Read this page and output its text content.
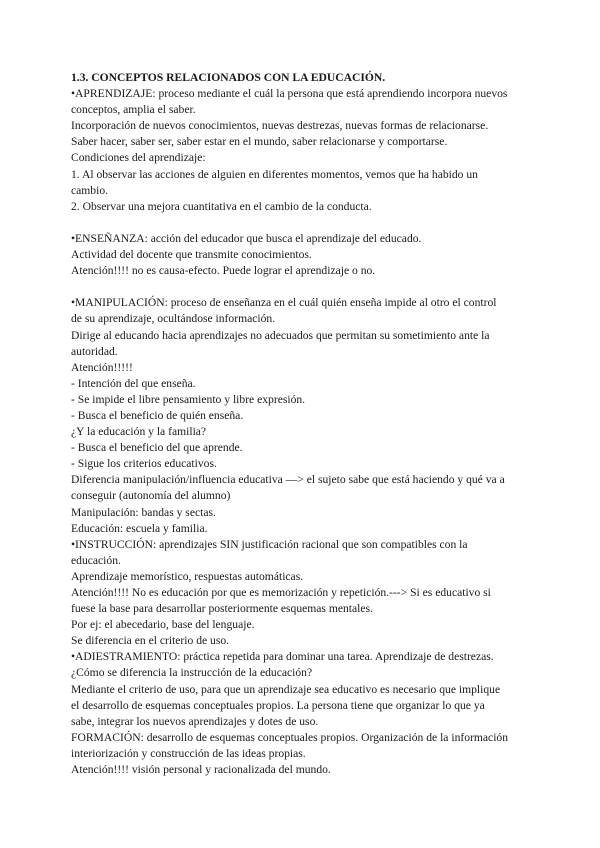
1.3. CONCEPTOS RELACIONADOS CON LA EDUCACIÓN.
•APRENDIZAJE: proceso mediante el cuál la persona que está aprendiendo incorpora nuevos
conceptos, amplia el saber.
Incorporación de nuevos conocimientos, nuevas destrezas, nuevas formas de relacionarse.
Saber hacer, saber ser, saber estar en el mundo, saber relacionarse y comportarse.
Condiciones del aprendizaje:
1. Al observar las acciones de alguien en diferentes momentos, vemos que ha habido un
cambio.
2. Observar una mejora cuantitativa en el cambio de la conducta.
•ENSEÑANZA: acción del educador que busca el aprendizaje del educado.
Actividad del docente que transmite conocimientos.
Atención!!!! no es causa-efecto. Puede lograr el aprendizaje o no.
•MANIPULACIÓN: proceso de enseñanza en el cuál quién enseña impide al otro el control
de su aprendizaje, ocultándose información.
Dirige al educando hacia aprendizajes no adecuados que permitan su sometimiento ante la
autoridad.
Atención!!!!!
- Intención del que enseña.
- Se impide el libre pensamiento y libre expresión.
- Busca el beneficio de quién enseña.
¿Y la educación y la familia?
- Busca el beneficio del que aprende.
- Sigue los criterios educativos.
Diferencia manipulación/influencia educativa —> el sujeto sabe que está haciendo y qué va a
conseguir (autonomía del alumno)
Manipulación: bandas y sectas.
Educación: escuela y familia.
•INSTRUCCIÓN: aprendizajes SIN justificación racional que son compatibles con la
educación.
Aprendizaje memorístico, respuestas automáticas.
Atención!!!! No es educación por que es memorización y repetición.---> Si es educativo si
fuese la base para desarrollar posteriormente esquemas mentales.
Por ej: el abecedario, base del lenguaje.
Se diferencia en el criterio de uso.
•ADIESTRAMIENTO: práctica repetida para dominar una tarea. Aprendizaje de destrezas.
¿Cómo se diferencia la instrucción de la educación?
Mediante el criterio de uso, para que un aprendizaje sea educativo es necesario que implique
el desarrollo de esquemas conceptuales propios. La persona tiene que organizar lo que ya
sabe, integrar los nuevos aprendizajes y dotes de uso.
FORMACIÓN: desarrollo de esquemas conceptuales propios. Organización de la información
interiorización y construcción de las ideas propias.
Atención!!!! visión personal y racionalizada del mundo.
